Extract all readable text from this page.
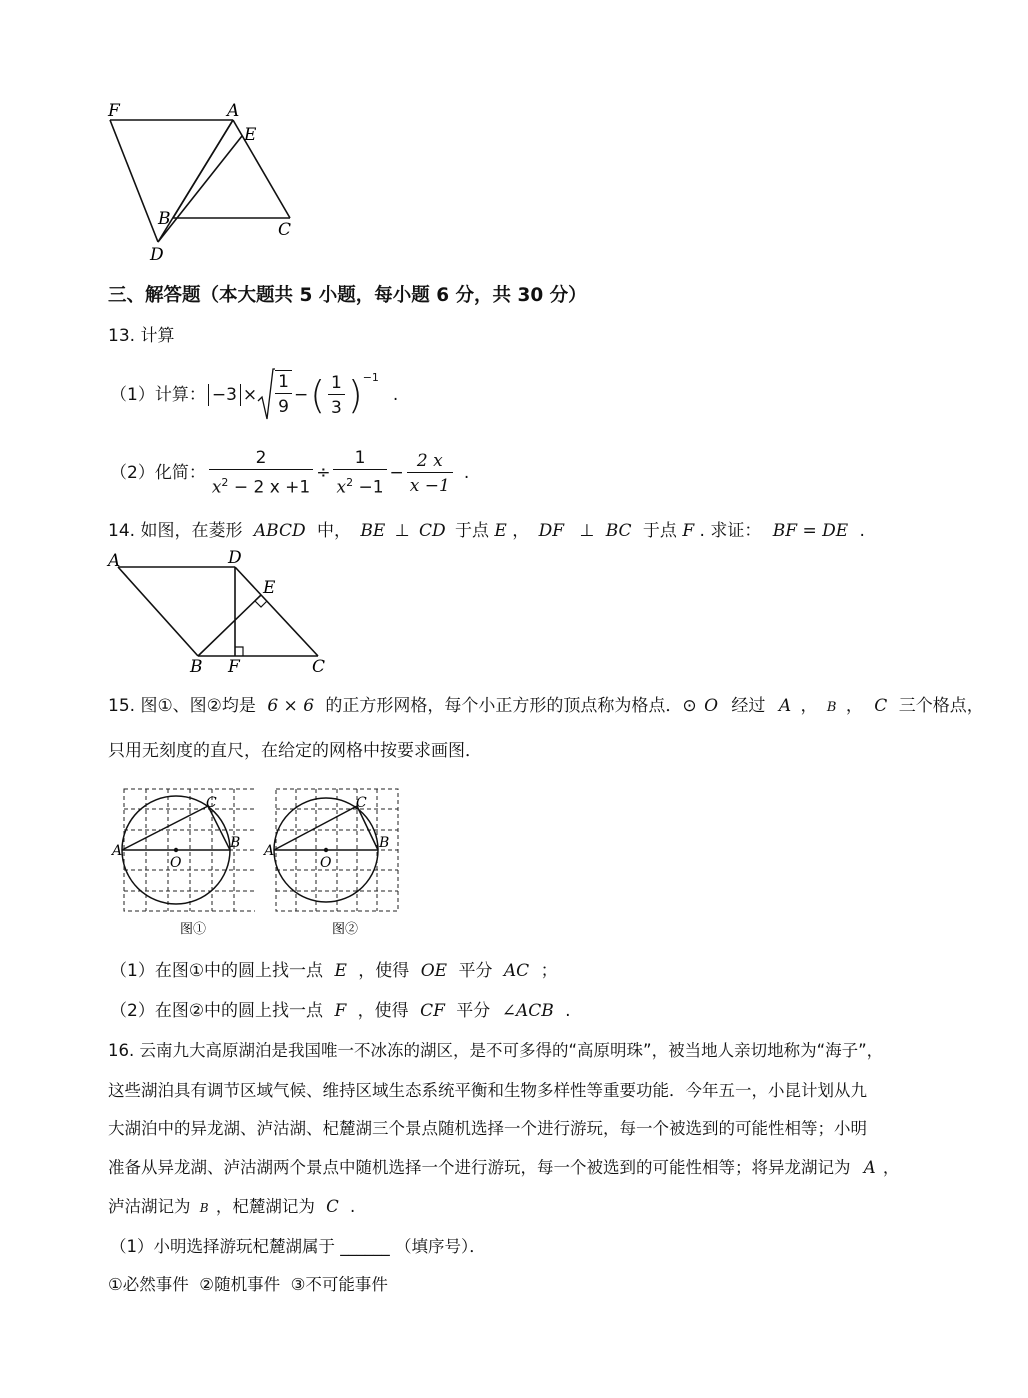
F	A
E
B
C
D
三、解答题（本大题共 5 小题，每小题 6 分，共 30 分）
13. 计算
（1）计算： $-3 \times \frac{1}{9}$ − ( $\frac{1}{3}$ ) −1
.
（2）化简： $\frac{2}{x^2 - 2 x +1} \div \frac{1}{x^2 -1} - \frac{2 x}{x -1}$ .
14. 如图，在菱形 ABCD 中， BE ⊥ CD 于点 E ， DF ⊥ BC 于点 F . 求证： BF = DE .
A	D
E
B F	C
15. 图①、图②均是 6 × 6 的正方形网格，每个小正方形的顶点称为格点．⊙ O 经过 A ， B ， C 三个格点，
只用无刻度的直尺，在给定的网格中按要求画图．
A	B
C
O
图①
A	B
C
O
图②
（1）在图①中的圆上找一点 E ，使得 OE 平分 AC ；
（2）在图②中的圆上找一点 F ，使得 CF 平分 ∠ACB .
16. 云南九大高原湖泊是我国唯一不冰冻的湖区，是不可多得的“高原明珠”，被当地人亲切地称为“海子”，
这些湖泊具有调节区域气候、维持区域生态系统平衡和生物多样性等重要功能．今年五一，小昆计划从九
大湖泊中的异龙湖、泸沽湖、杞麓湖三个景点随机选择一个进行游玩，每一个被选到的可能性相等；小明
准备从异龙湖、泸沽湖两个景点中随机选择一个进行游玩，每一个被选到的可能性相等；将异龙湖记为 A ，
泸沽湖记为 B ，杞麓湖记为 C .
（1）小明选择游玩杞麓湖属于 ______ （填序号）．
①必然事件  ②随机事件  ③不可能事件
